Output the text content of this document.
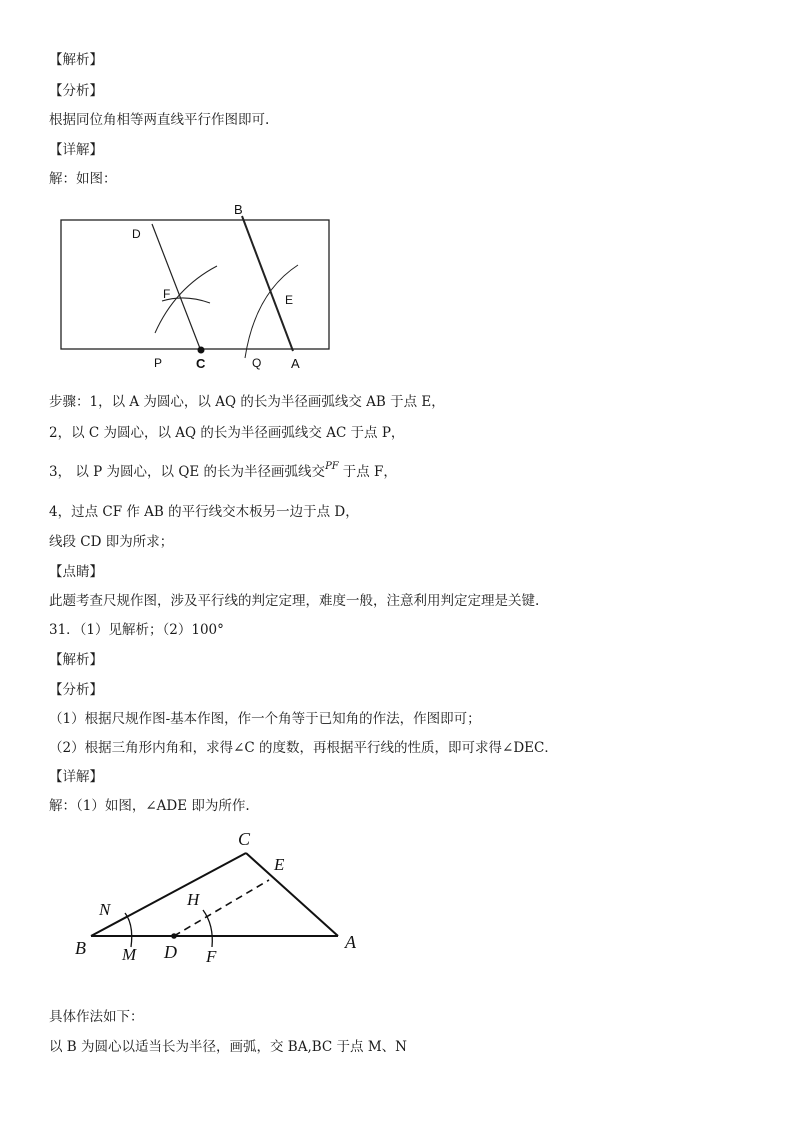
【解析】
【分析】
根据同位角相等两直线平行作图即可.
【详解】
解：如图：
B
D
F	E
P	C	Q A
步骤：1，以 A 为圆心，以 AQ 的长为半径画弧线交 AB 于点 E，
2，以 C 为圆心，以 AQ 的长为半径画弧线交 AC 于点 P，
3， 以 P 为圆心，以 QE 的长为半径画弧线交$^{PF}$ 于点 F，
4，过点 CF 作 AB 的平行线交木板另一边于点 D，
线段 CD 即为所求；
【点睛】
此题考查尺规作图，涉及平行线的判定定理，难度一般，注意利用判定定理是关键.
31．（1）见解析；（2）100°
【解析】
【分析】
（1）根据尺规作图-基本作图，作一个角等于已知角的作法，作图即可；
（2）根据三角形内角和，求得∠C 的度数，再根据平行线的性质，即可求得∠DEC．
【详解】
解：（1）如图，∠ADE 即为所作.
C
E
N
H
B M D F
A
具体作法如下：
以 B 为圆心以适当长为半径，画弧，交 BA,BC 于点 M、N
